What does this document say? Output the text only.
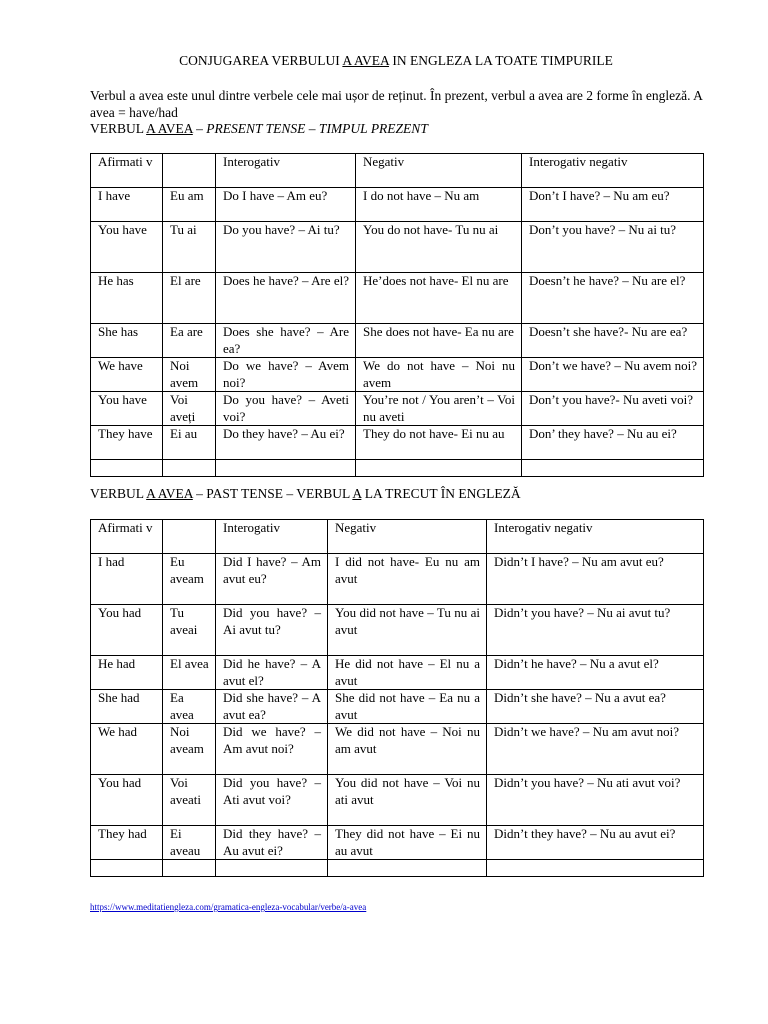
CONJUGAREA VERBULUI A AVEA IN ENGLEZA LA TOATE TIMPURILE
Verbul a avea este unul dintre verbele cele mai ușor de reținut. În prezent, verbul a avea are 2 forme în engleză. A avea = have/had
VERBUL A AVEA – PRESENT TENSE – TIMPUL PREZENT
Afirmati v		Interogativ	Negativ	Interogativ negativ
I have	Eu am	Do I have – Am eu?	I do not have – Nu am	Don’t I have? – Nu am eu?
You have	Tu ai	Do you have? – Ai tu?	You do not have- Tu nu ai	Don’t you have? – Nu ai tu?
He has	El are	Does he have? – Are el?	He’does not have- El nu are	Doesn’t he have? – Nu are el?
She has	Ea are	Does she have? – Are ea?	She does not have- Ea nu are	Doesn’t she have?- Nu are ea?
We have	Noi avem	Do we have? – Avem noi?	We do not have – Noi nu avem	Don’t we have? – Nu avem noi?
You have	Voi aveți	Do you have? – Aveti voi?	You’re not / You aren’t – Voi nu aveti	Don’t you have?- Nu aveti voi?
They have	Ei au	Do they have? – Au ei?	They do not have- Ei nu au	Don’ they have? – Nu au ei?

VERBUL A AVEA – PAST TENSE – VERBUL A LA TRECUT ÎN ENGLEZĂ
Afirmati v		Interogativ	Negativ	Interogativ negativ
I had	Eu aveam	Did I have? – Am avut eu?	I did not have- Eu nu am avut	Didn’t I have? – Nu am avut eu?
You had	Tu aveai	Did you have? – Ai avut tu?	You did not have – Tu nu ai avut	Didn’t you have? – Nu ai avut tu?
He had	El avea	Did he have? – A avut el?	He did not have – El nu a avut	Didn’t he have? – Nu a avut el?
She had	Ea avea	Did she have? – A avut ea?	She did not have – Ea nu a avut	Didn’t she have? – Nu a avut ea?
We had	Noi aveam	Did we have? – Am avut noi?	We did not have – Noi nu am avut	Didn’t we have? – Nu am avut noi?
You had	Voi aveati	Did you have? – Ati avut voi?	You did not have – Voi nu ati avut	Didn’t you have? – Nu ati avut voi?
They had	Ei aveau	Did they have? – Au avut ei?	They did not have – Ei nu au avut	Didn’t they have? – Nu au avut ei?

https://www.meditatiengleza.com/gramatica-engleza-vocabular/verbe/a-avea
